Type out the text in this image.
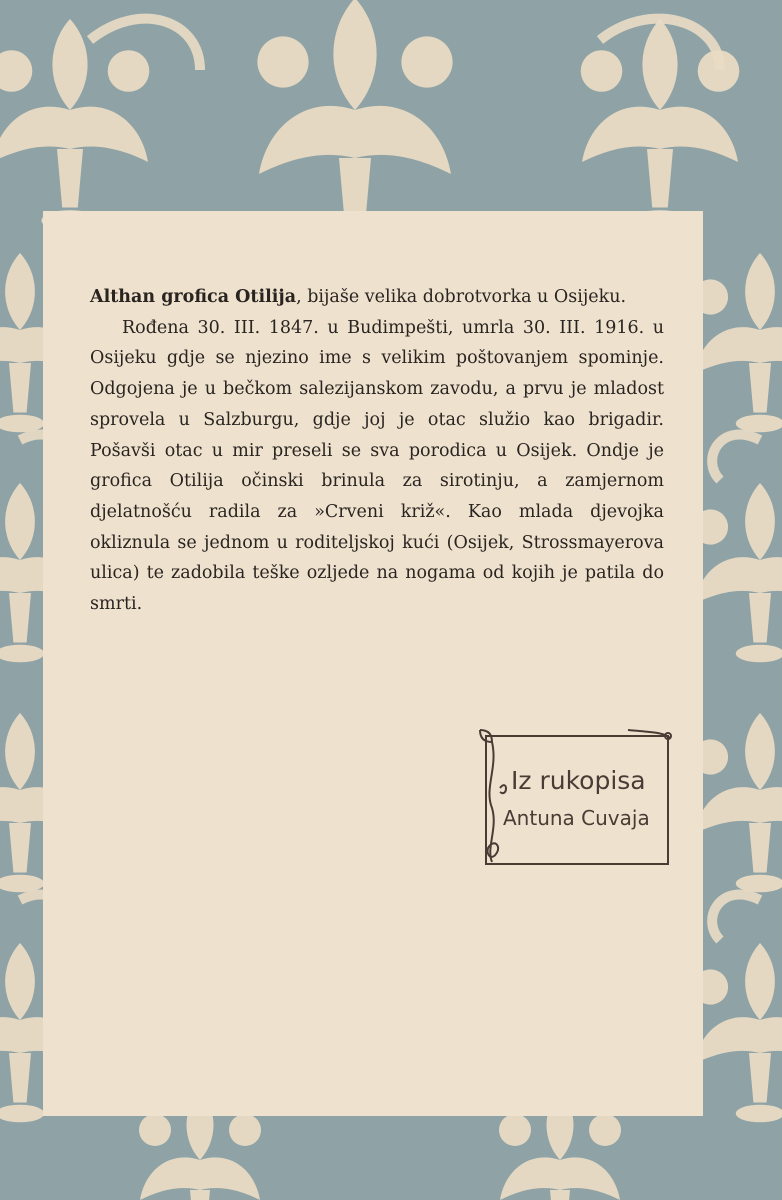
Althan grofica Otilija, bijaše velika dobrotvorka u Osijeku.

Rođena 30. III. 1847. u Budimpešti, umrla 30. III. 1916. u Osijeku gdje se njezino ime s velikim poštovanjem spominje. Odgojena je u bečkom salezijanskom zavodu, a prvu je mladost sprovela u Salzburgu, gdje joj je otac služio kao brigadir. Pošavši otac u mir preseli se sva porodica u Osijek. Ondje je grofica Otilija očinski brinula za sirotinju, a zamjernom djelatnošću radila za »Crveni križ«. Kao mlada djevojka okliznula se jednom u roditeljskoj kući (Osijek, Strossmayerova ulica) te zadobila teške ozljede na nogama od kojih je patila do smrti.

Iz rukopisa
Antuna Cuvaja
